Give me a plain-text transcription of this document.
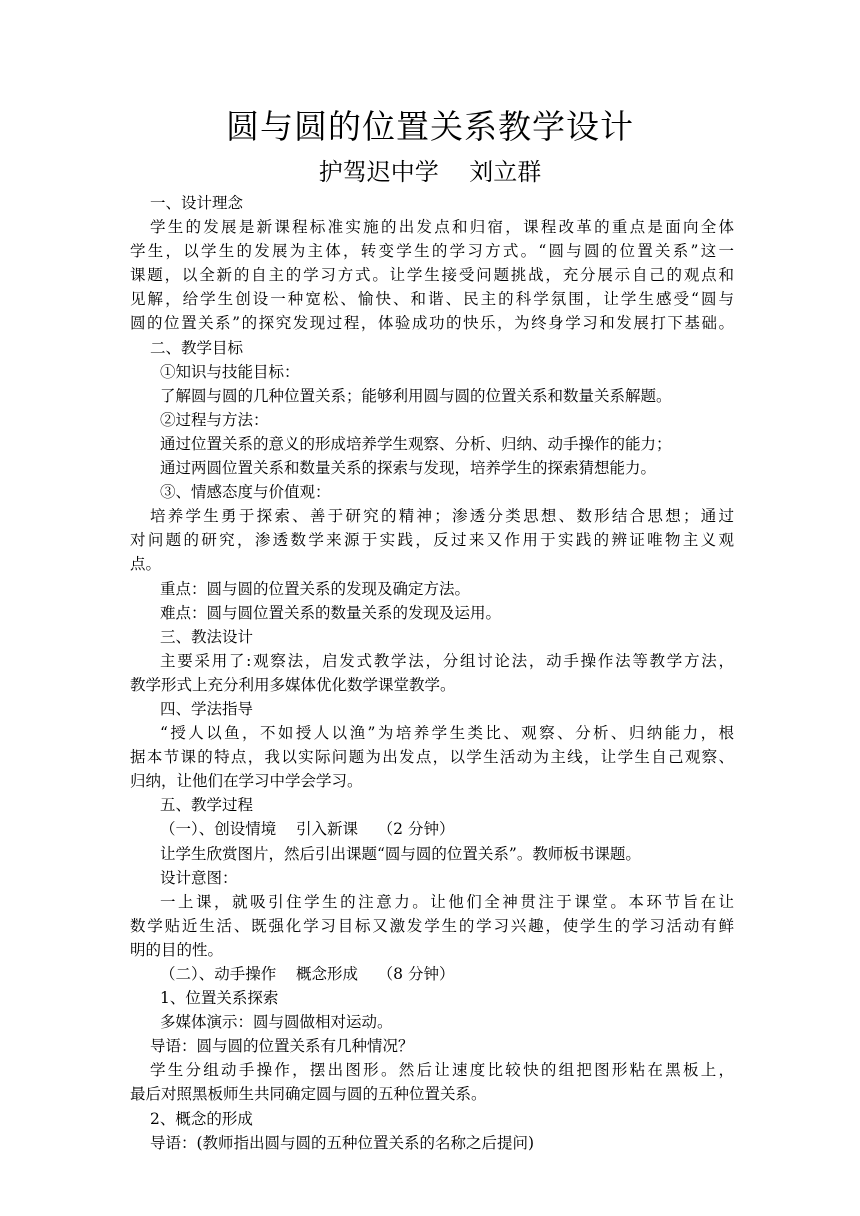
圆与圆的位置关系教学设计
护驾迟中学    刘立群
一、设计理念
学生的发展是新课程标准实施的出发点和归宿，课程改革的重点是面向全体
学生，以学生的发展为主体，转变学生的学习方式。“圆与圆的位置关系”这一
课题，以全新的自主的学习方式。让学生接受问题挑战，充分展示自己的观点和
见解，给学生创设一种宽松、愉快、和谐、民主的科学氛围，让学生感受“圆与
圆的位置关系”的探究发现过程，体验成功的快乐，为终身学习和发展打下基础。
二、教学目标
①知识与技能目标：
了解圆与圆的几种位置关系；能够利用圆与圆的位置关系和数量关系解题。
②过程与方法：
通过位置关系的意义的形成培养学生观察、分析、归纳、动手操作的能力；
通过两圆位置关系和数量关系的探索与发现，培养学生的探索猜想能力。
③、情感态度与价值观：
培养学生勇于探索、善于研究的精神；渗透分类思想、数形结合思想；通过
对问题的研究，渗透数学来源于实践，反过来又作用于实践的辨证唯物主义观
点。
重点：圆与圆的位置关系的发现及确定方法。
难点：圆与圆位置关系的数量关系的发现及运用。
三、教法设计
主要采用了:观察法，启发式教学法，分组讨论法，动手操作法等教学方法，
教学形式上充分利用多媒体优化数学课堂教学。
四、学法指导
“授人以鱼，不如授人以渔”为培养学生类比、观察、分析、归纳能力，根
据本节课的特点，我以实际问题为出发点，以学生活动为主线，让学生自己观察、
归纳，让他们在学习中学会学习。
五、教学过程
（一）、创设情境    引入新课    （2 分钟）
让学生欣赏图片，然后引出课题“圆与圆的位置关系”。教师板书课题。
设计意图：
一上课，就吸引住学生的注意力。让他们全神贯注于课堂。本环节旨在让
数学贴近生活、既强化学习目标又激发学生的学习兴趣，使学生的学习活动有鲜
明的目的性。
（二）、动手操作    概念形成    （8 分钟）
1、位置关系探索
多媒体演示：圆与圆做相对运动。
导语：圆与圆的位置关系有几种情况？
学生分组动手操作，摆出图形。然后让速度比较快的组把图形粘在黑板上，
最后对照黑板师生共同确定圆与圆的五种位置关系。
2、概念的形成
导语：(教师指出圆与圆的五种位置关系的名称之后提问)
